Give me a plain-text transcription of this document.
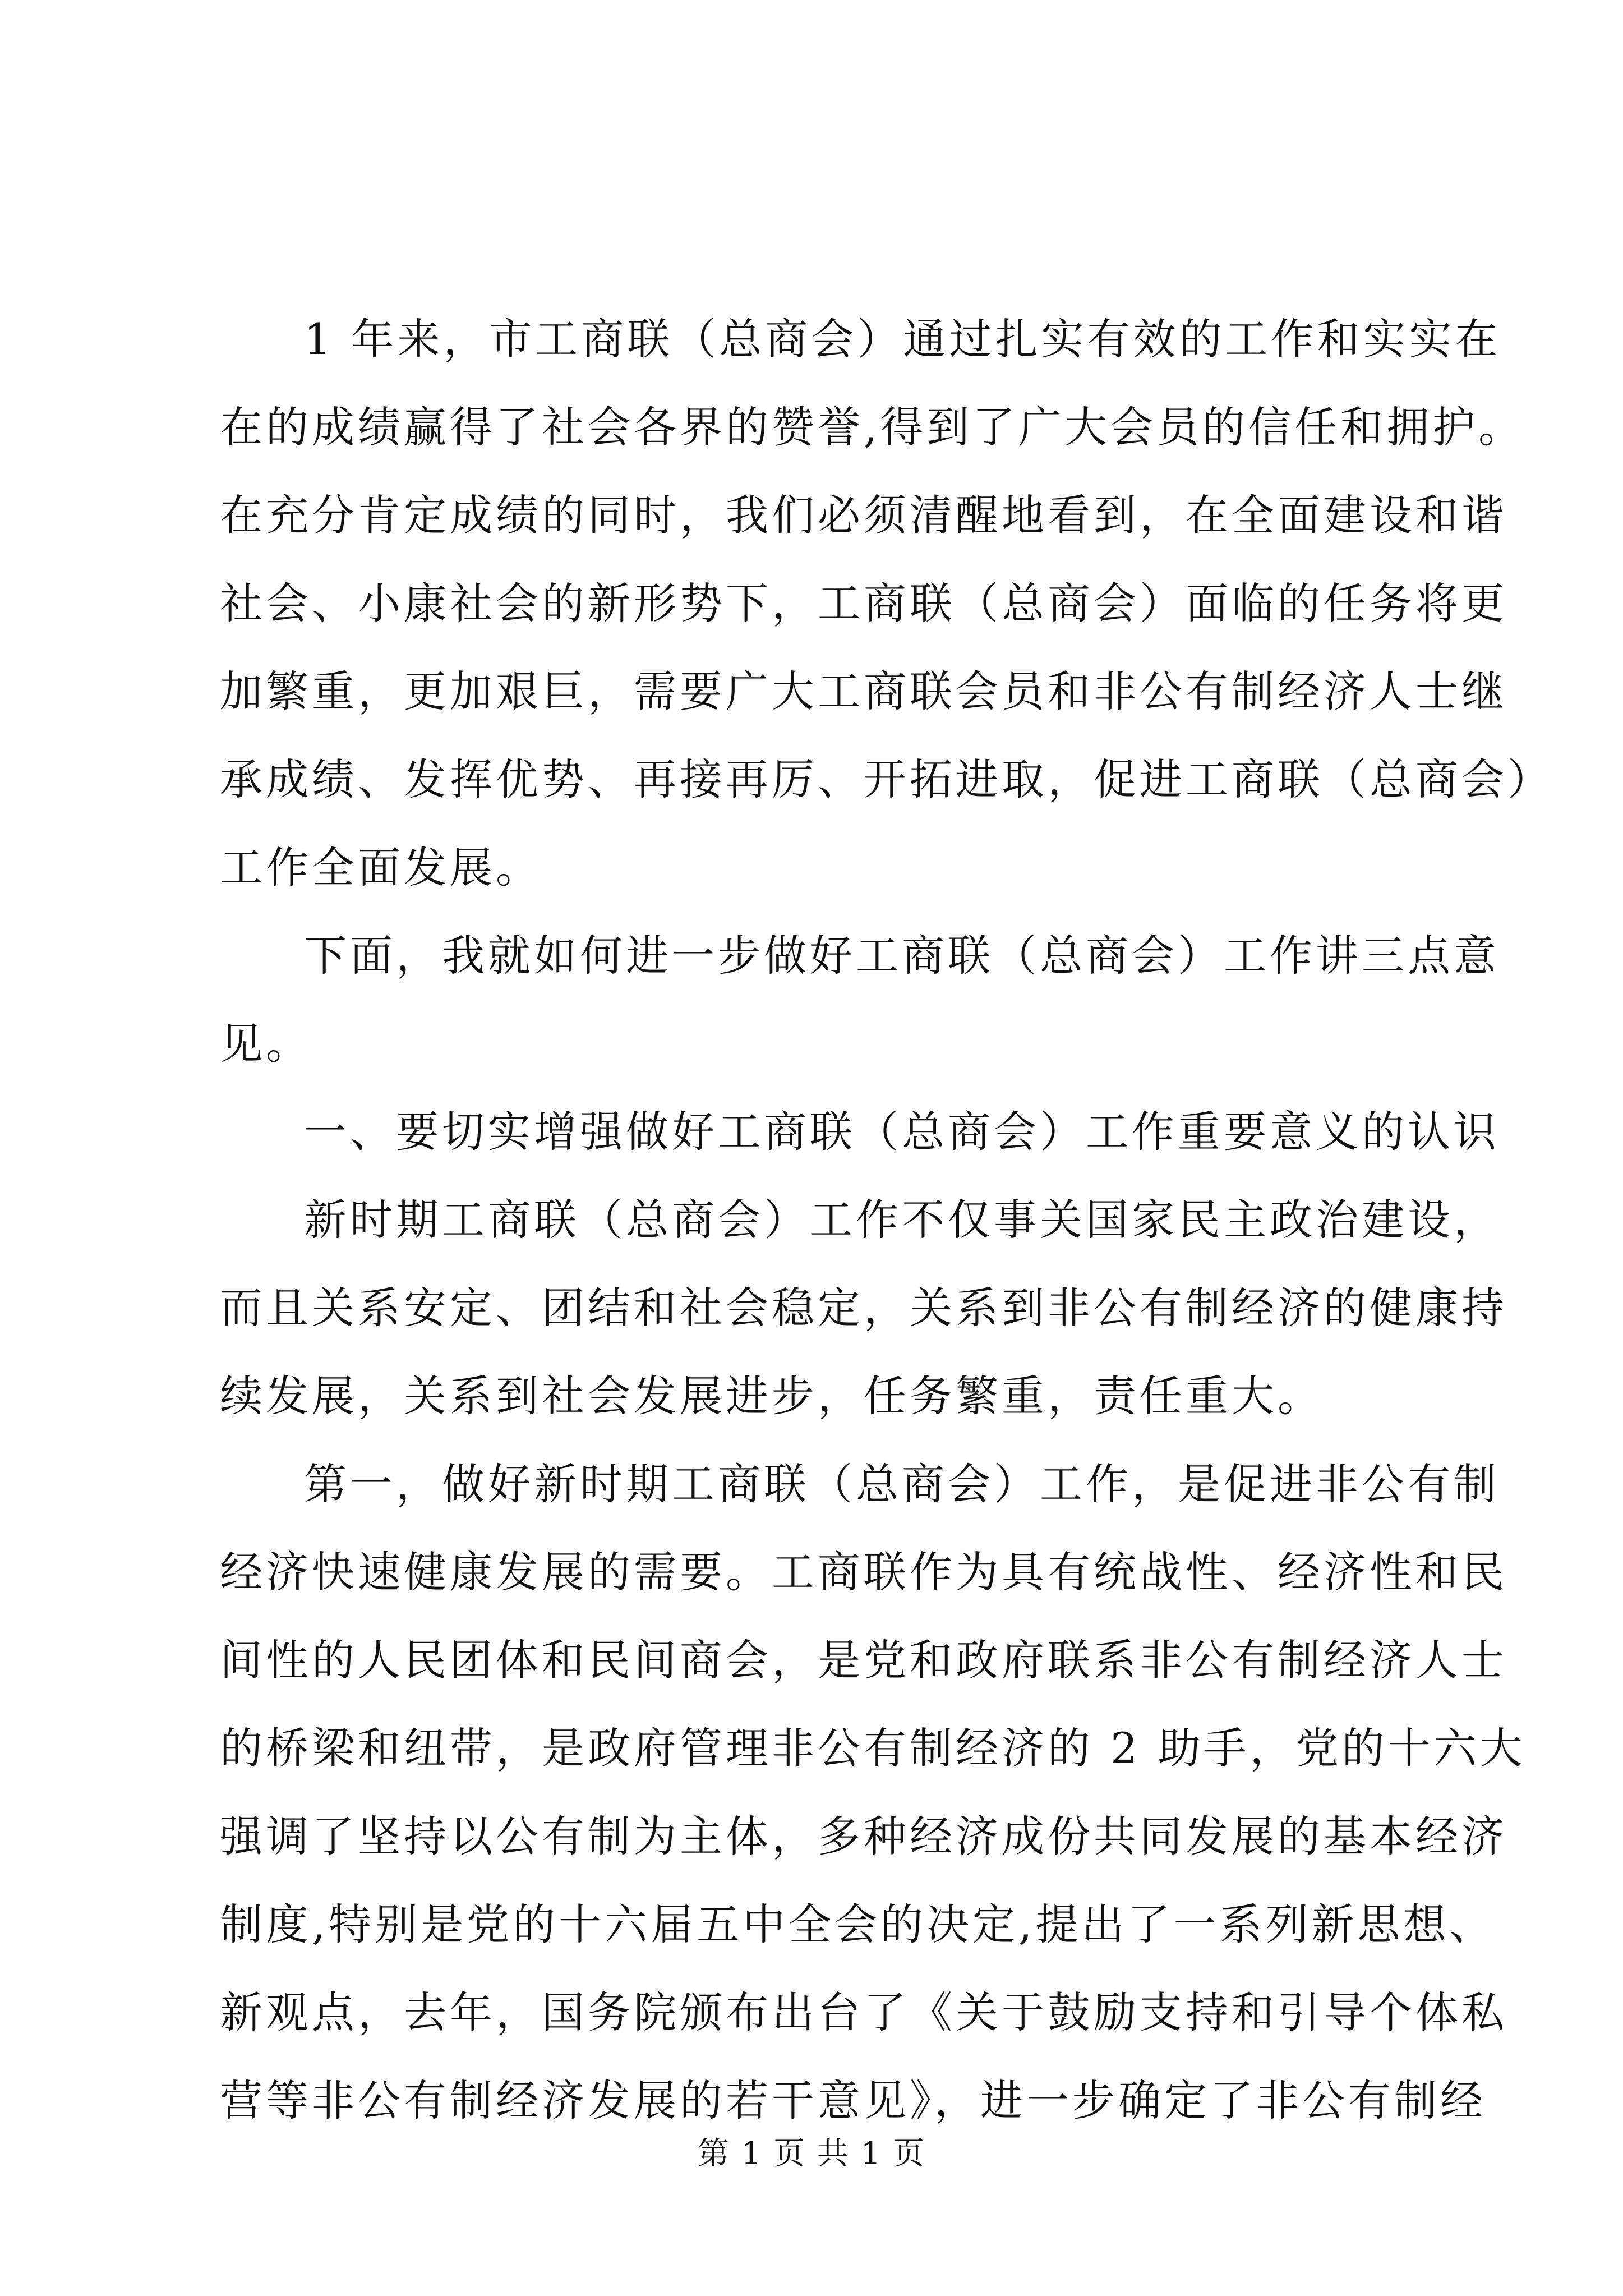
1 年来，市工商联（总商会）通过扎实有效的工作和实实在
在的成绩赢得了社会各界的赞誉,得到了广大会员的信任和拥护。
在充分肯定成绩的同时，我们必须清醒地看到，在全面建设和谐
社会、小康社会的新形势下，工商联（总商会）面临的任务将更
加繁重，更加艰巨，需要广大工商联会员和非公有制经济人士继
承成绩、发挥优势、再接再厉、开拓进取，促进工商联（总商会）
工作全面发展。
下面，我就如何进一步做好工商联（总商会）工作讲三点意
见。
一、要切实增强做好工商联（总商会）工作重要意义的认识
新时期工商联（总商会）工作不仅事关国家民主政治建设，
而且关系安定、团结和社会稳定，关系到非公有制经济的健康持
续发展，关系到社会发展进步，任务繁重，责任重大。
第一，做好新时期工商联（总商会）工作，是促进非公有制
经济快速健康发展的需要。工商联作为具有统战性、经济性和民
间性的人民团体和民间商会，是党和政府联系非公有制经济人士
的桥梁和纽带，是政府管理非公有制经济的 2 助手，党的十六大
强调了坚持以公有制为主体，多种经济成份共同发展的基本经济
制度,特别是党的十六届五中全会的决定,提出了一系列新思想、
新观点，去年，国务院颁布出台了《关于鼓励支持和引导个体私
营等非公有制经济发展的若干意见》，进一步确定了非公有制经
第 1 页 共 1 页
